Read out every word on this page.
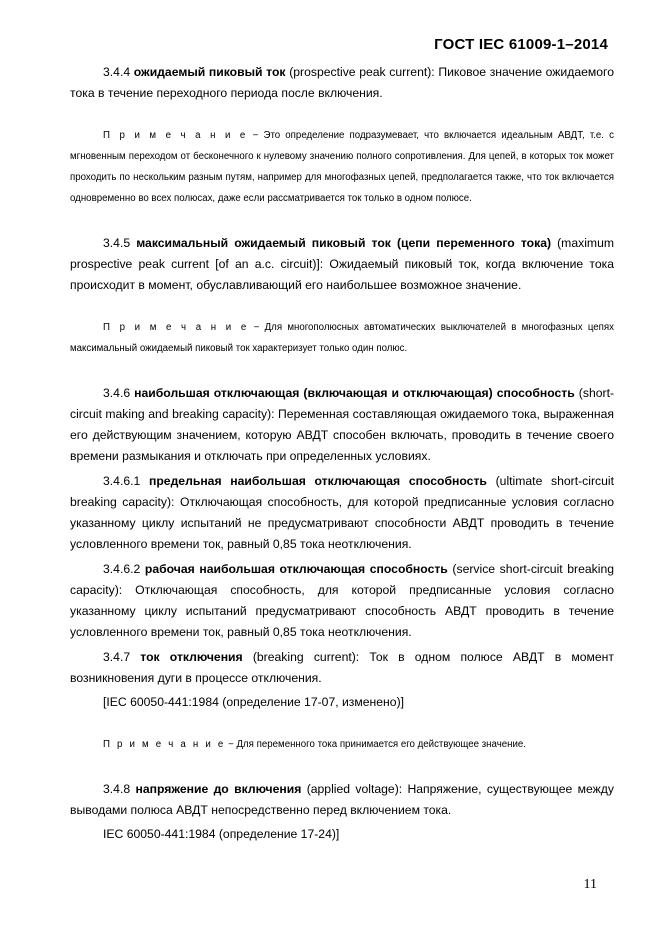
ГОСТ IEC 61009-1–2014

3.4.4 ожидаемый пиковый ток (prospective peak current): Пиковое значение ожидаемого тока в течение переходного периода после включения.

П р и м е ч а н и е − Это определение подразумевает, что включается идеальным АВДТ, т.е. с мгновенным переходом от бесконечного к нулевому значению полного сопротивления. Для цепей, в которых ток может проходить по нескольким разным путям, например для многофазных цепей, предполагается также, что ток включается одновременно во всех полюсах, даже если рассматривается ток только в одном полюсе.

3.4.5 максимальный ожидаемый пиковый ток (цепи переменного тока) (maximum prospective peak current [of an a.c. circuit)]: Ожидаемый пиковый ток, когда включение тока происходит в момент, обуславливающий его наибольшее возможное значение.

П р и м е ч а н и е − Для многополюсных автоматических выключателей в многофазных цепях максимальный ожидаемый пиковый ток характеризует только один полюс.

3.4.6 наибольшая отключающая (включающая и отключающая) способность (short-circuit making and breaking capacity): Переменная составляющая ожидаемого тока, выраженная его действующим значением, которую АВДТ способен включать, проводить в течение своего времени размыкания и отключать при определенных условиях.

3.4.6.1 предельная наибольшая отключающая способность (ultimate short-circuit breaking capacity): Отключающая способность, для которой предписанные условия согласно указанному циклу испытаний не предусматривают способности АВДТ проводить в течение условленного времени ток, равный 0,85 тока неотключения.

3.4.6.2 рабочая наибольшая отключающая способность (service short-circuit breaking capacity): Отключающая способность, для которой предписанные условия согласно указанному циклу испытаний предусматривают способность АВДТ проводить в течение условленного времени ток, равный 0,85 тока неотключения.

3.4.7 ток отключения (breaking current): Ток в одном полюсе АВДТ в момент возникновения дуги в процессе отключения.

[IEC 60050-441:1984 (определение 17-07, изменено)]

П р и м е ч а н и е − Для переменного тока принимается его действующее значение.

3.4.8 напряжение до включения (applied voltage): Напряжение, существующее между выводами полюса АВДТ непосредственно перед включением тока.

IEC 60050-441:1984 (определение 17-24)]

11
